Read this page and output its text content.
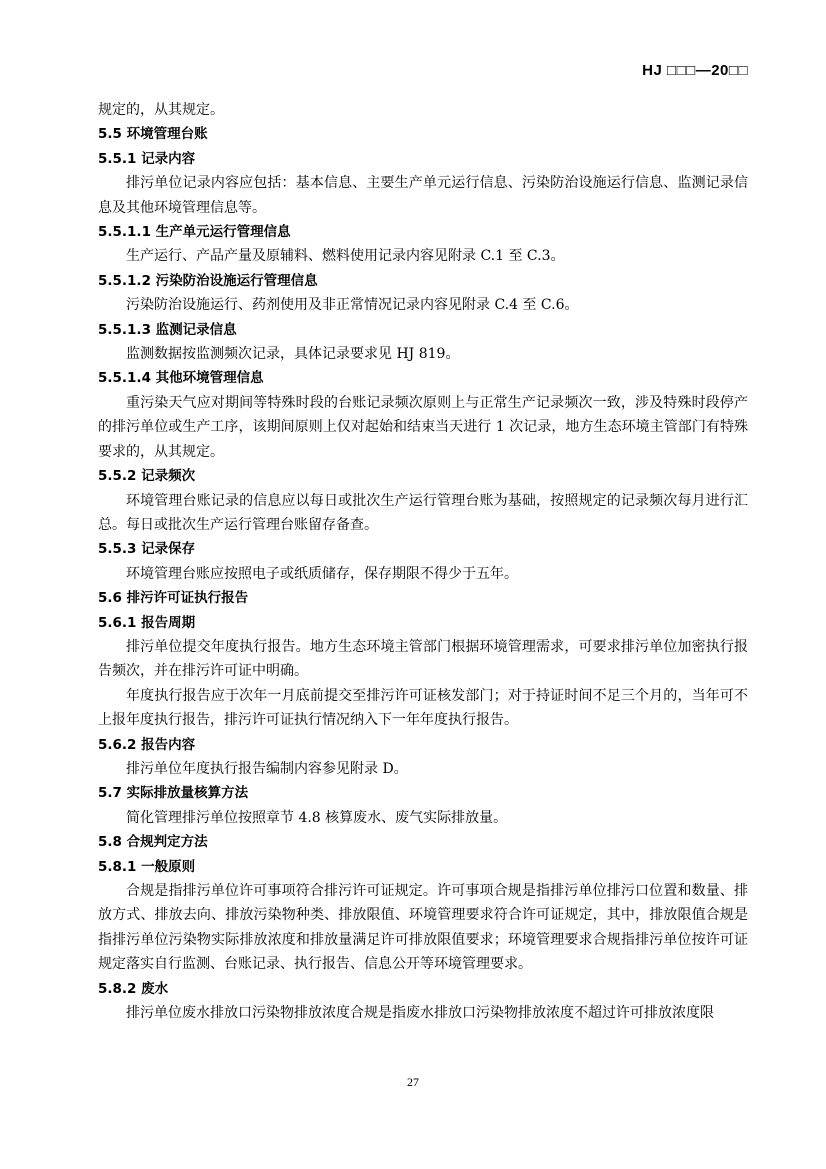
HJ □□□—20□□

规定的，从其规定。

5.5 环境管理台账

5.5.1 记录内容

排污单位记录内容应包括：基本信息、主要生产单元运行信息、污染防治设施运行信息、监测记录信息及其他环境管理信息等。

5.5.1.1 生产单元运行管理信息

生产运行、产品产量及原辅料、燃料使用记录内容见附录 C.1 至 C.3。

5.5.1.2 污染防治设施运行管理信息

污染防治设施运行、药剂使用及非正常情况记录内容见附录 C.4 至 C.6。

5.5.1.3 监测记录信息

监测数据按监测频次记录，具体记录要求见 HJ 819。

5.5.1.4 其他环境管理信息

重污染天气应对期间等特殊时段的台账记录频次原则上与正常生产记录频次一致，涉及特殊时段停产的排污单位或生产工序，该期间原则上仅对起始和结束当天进行 1 次记录，地方生态环境主管部门有特殊要求的，从其规定。

5.5.2 记录频次

环境管理台账记录的信息应以每日或批次生产运行管理台账为基础，按照规定的记录频次每月进行汇总。每日或批次生产运行管理台账留存备查。

5.5.3 记录保存

环境管理台账应按照电子或纸质储存，保存期限不得少于五年。

5.6 排污许可证执行报告

5.6.1 报告周期

排污单位提交年度执行报告。地方生态环境主管部门根据环境管理需求，可要求排污单位加密执行报告频次，并在排污许可证中明确。

年度执行报告应于次年一月底前提交至排污许可证核发部门；对于持证时间不足三个月的，当年可不上报年度执行报告，排污许可证执行情况纳入下一年年度执行报告。

5.6.2 报告内容

排污单位年度执行报告编制内容参见附录 D。

5.7 实际排放量核算方法

简化管理排污单位按照章节 4.8 核算废水、废气实际排放量。

5.8 合规判定方法

5.8.1 一般原则

合规是指排污单位许可事项符合排污许可证规定。许可事项合规是指排污单位排污口位置和数量、排放方式、排放去向、排放污染物种类、排放限值、环境管理要求符合许可证规定，其中，排放限值合规是指排污单位污染物实际排放浓度和排放量满足许可排放限值要求；环境管理要求合规指排污单位按许可证规定落实自行监测、台账记录、执行报告、信息公开等环境管理要求。

5.8.2 废水

排污单位废水排放口污染物排放浓度合规是指废水排放口污染物排放浓度不超过许可排放浓度限

27
